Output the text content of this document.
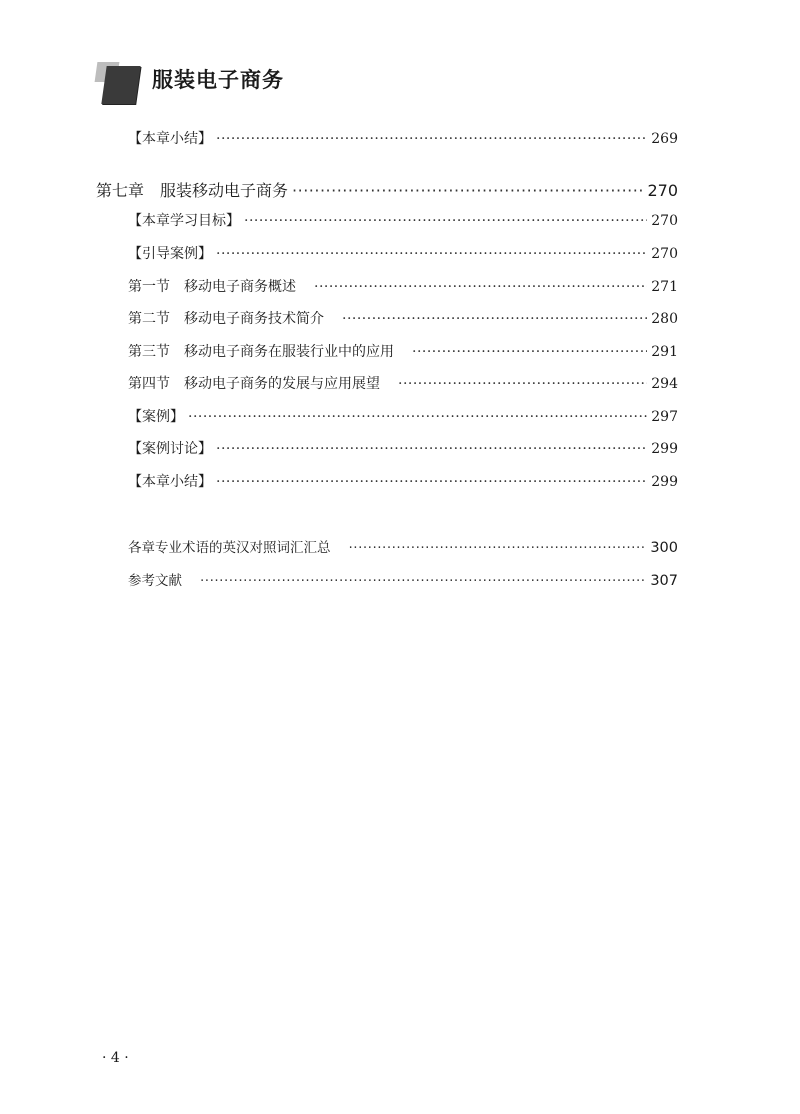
服装电子商务
【本章小结】 ·····	269
第七章　服装移动电子商务 ·····	270
【本章学习目标】 ·····	270
【引导案例】 ·····	270
第一节　移动电子商务概述 ·····	271
第二节　移动电子商务技术简介 ·····	280
第三节　移动电子商务在服装行业中的应用 ·····	291
第四节　移动电子商务的发展与应用展望 ·····	294
【案例】 ·····	297
【案例讨论】 ·····	299
【本章小结】 ·····	299
各章专业术语的英汉对照词汇汇总 ·····	300
参考文献 ·····	307
· 4 ·
